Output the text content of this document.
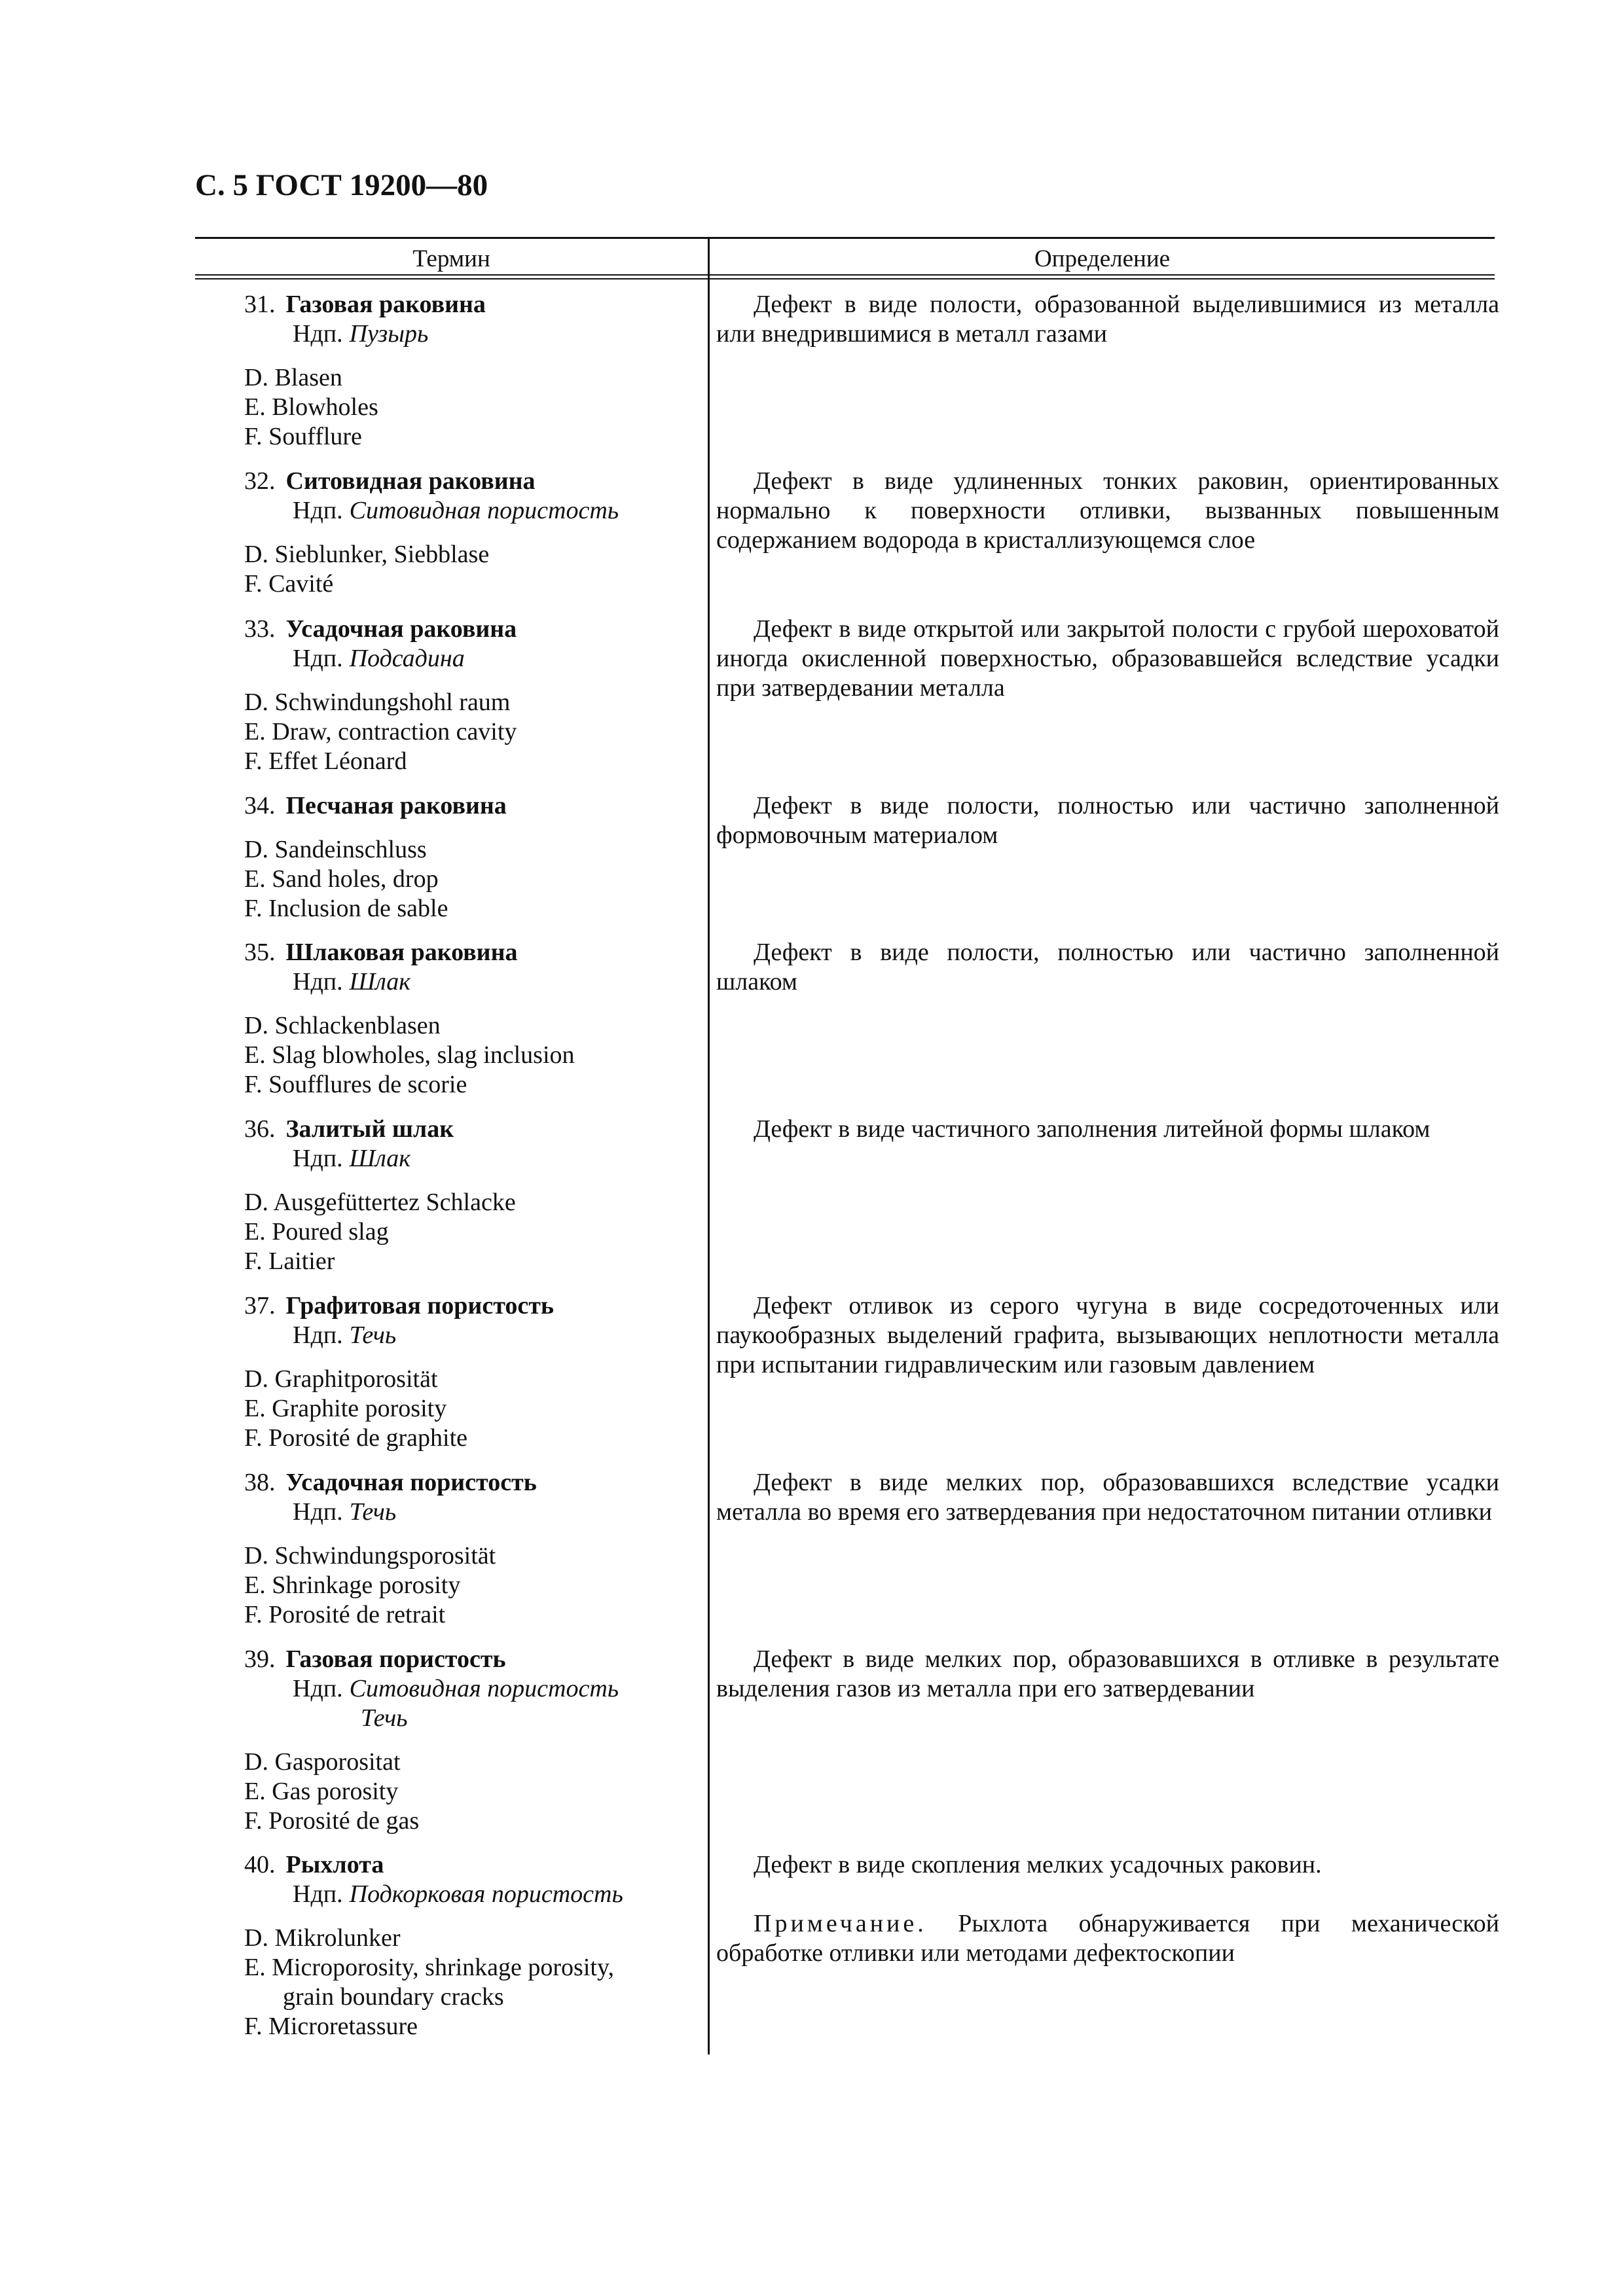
С. 5 ГОСТ 19200—80
Термин	Определение
31. Газовая раковина
Ндп. Пузырь
D. Blasen
E. Blowholes
F. Soufflure
Дефект в виде полости, образованной выделившимися из металла или внедрившимися в металл газами
32. Ситовидная раковина
Ндп. Ситовидная пористость
D. Sieblunker, Siebblase
F. Cavité
Дефект в виде удлиненных тонких раковин, ориентированных нормально к поверхности отливки, вызванных повышенным содержанием водорода в кристаллизующемся слое
33. Усадочная раковина
Ндп. Подсадина
D. Schwindungshohl raum
E. Draw, contraction cavity
F. Effet Léonard
Дефект в виде открытой или закрытой полости с грубой шероховатой иногда окисленной поверхностью, образовавшейся вследствие усадки при затвердевании металла
34. Песчаная раковина
D. Sandeinschluss
E. Sand holes, drop
F. Inclusion de sable
Дефект в виде полости, полностью или частично заполненной формовочным материалом
35. Шлаковая раковина
Ндп. Шлак
D. Schlackenblasen
E. Slag blowholes, slag inclusion
F. Soufflures de scorie
Дефект в виде полости, полностью или частично заполненной шлаком
36. Залитый шлак
Ндп. Шлак
D. Ausgefüttertez Schlacke
E. Poured slag
F. Laitier
Дефект в виде частичного заполнения литейной формы шлаком
37. Графитовая пористость
Ндп. Течь
D. Graphitporosität
E. Graphite porosity
F. Porosité de graphite
Дефект отливок из серого чугуна в виде сосредоточенных или паукообразных выделений графита, вызывающих неплотности металла при испытании гидравлическим или газовым давлением
38. Усадочная пористость
Ндп. Течь
D. Schwindungsporosität
E. Shrinkage porosity
F. Porosité de retrait
Дефект в виде мелких пор, образовавшихся вследствие усадки металла во время его затвердевания при недостаточном питании отливки
39. Газовая пористость
Ндп. Ситовидная пористость
Течь
D. Gasporositat
E. Gas porosity
F. Porosité de gas
Дефект в виде мелких пор, образовавшихся в отливке в результате выделения газов из металла при его затвердевании
40. Рыхлота
Ндп. Подкорковая пористость
D. Mikrolunker
E. Microporosity, shrinkage porosity,
grain boundary cracks
F. Microretassure
Дефект в виде скопления мелких усадочных раковин.
Примечание. Рыхлота обнаруживается при механической обработке отливки или методами дефектоскопии
